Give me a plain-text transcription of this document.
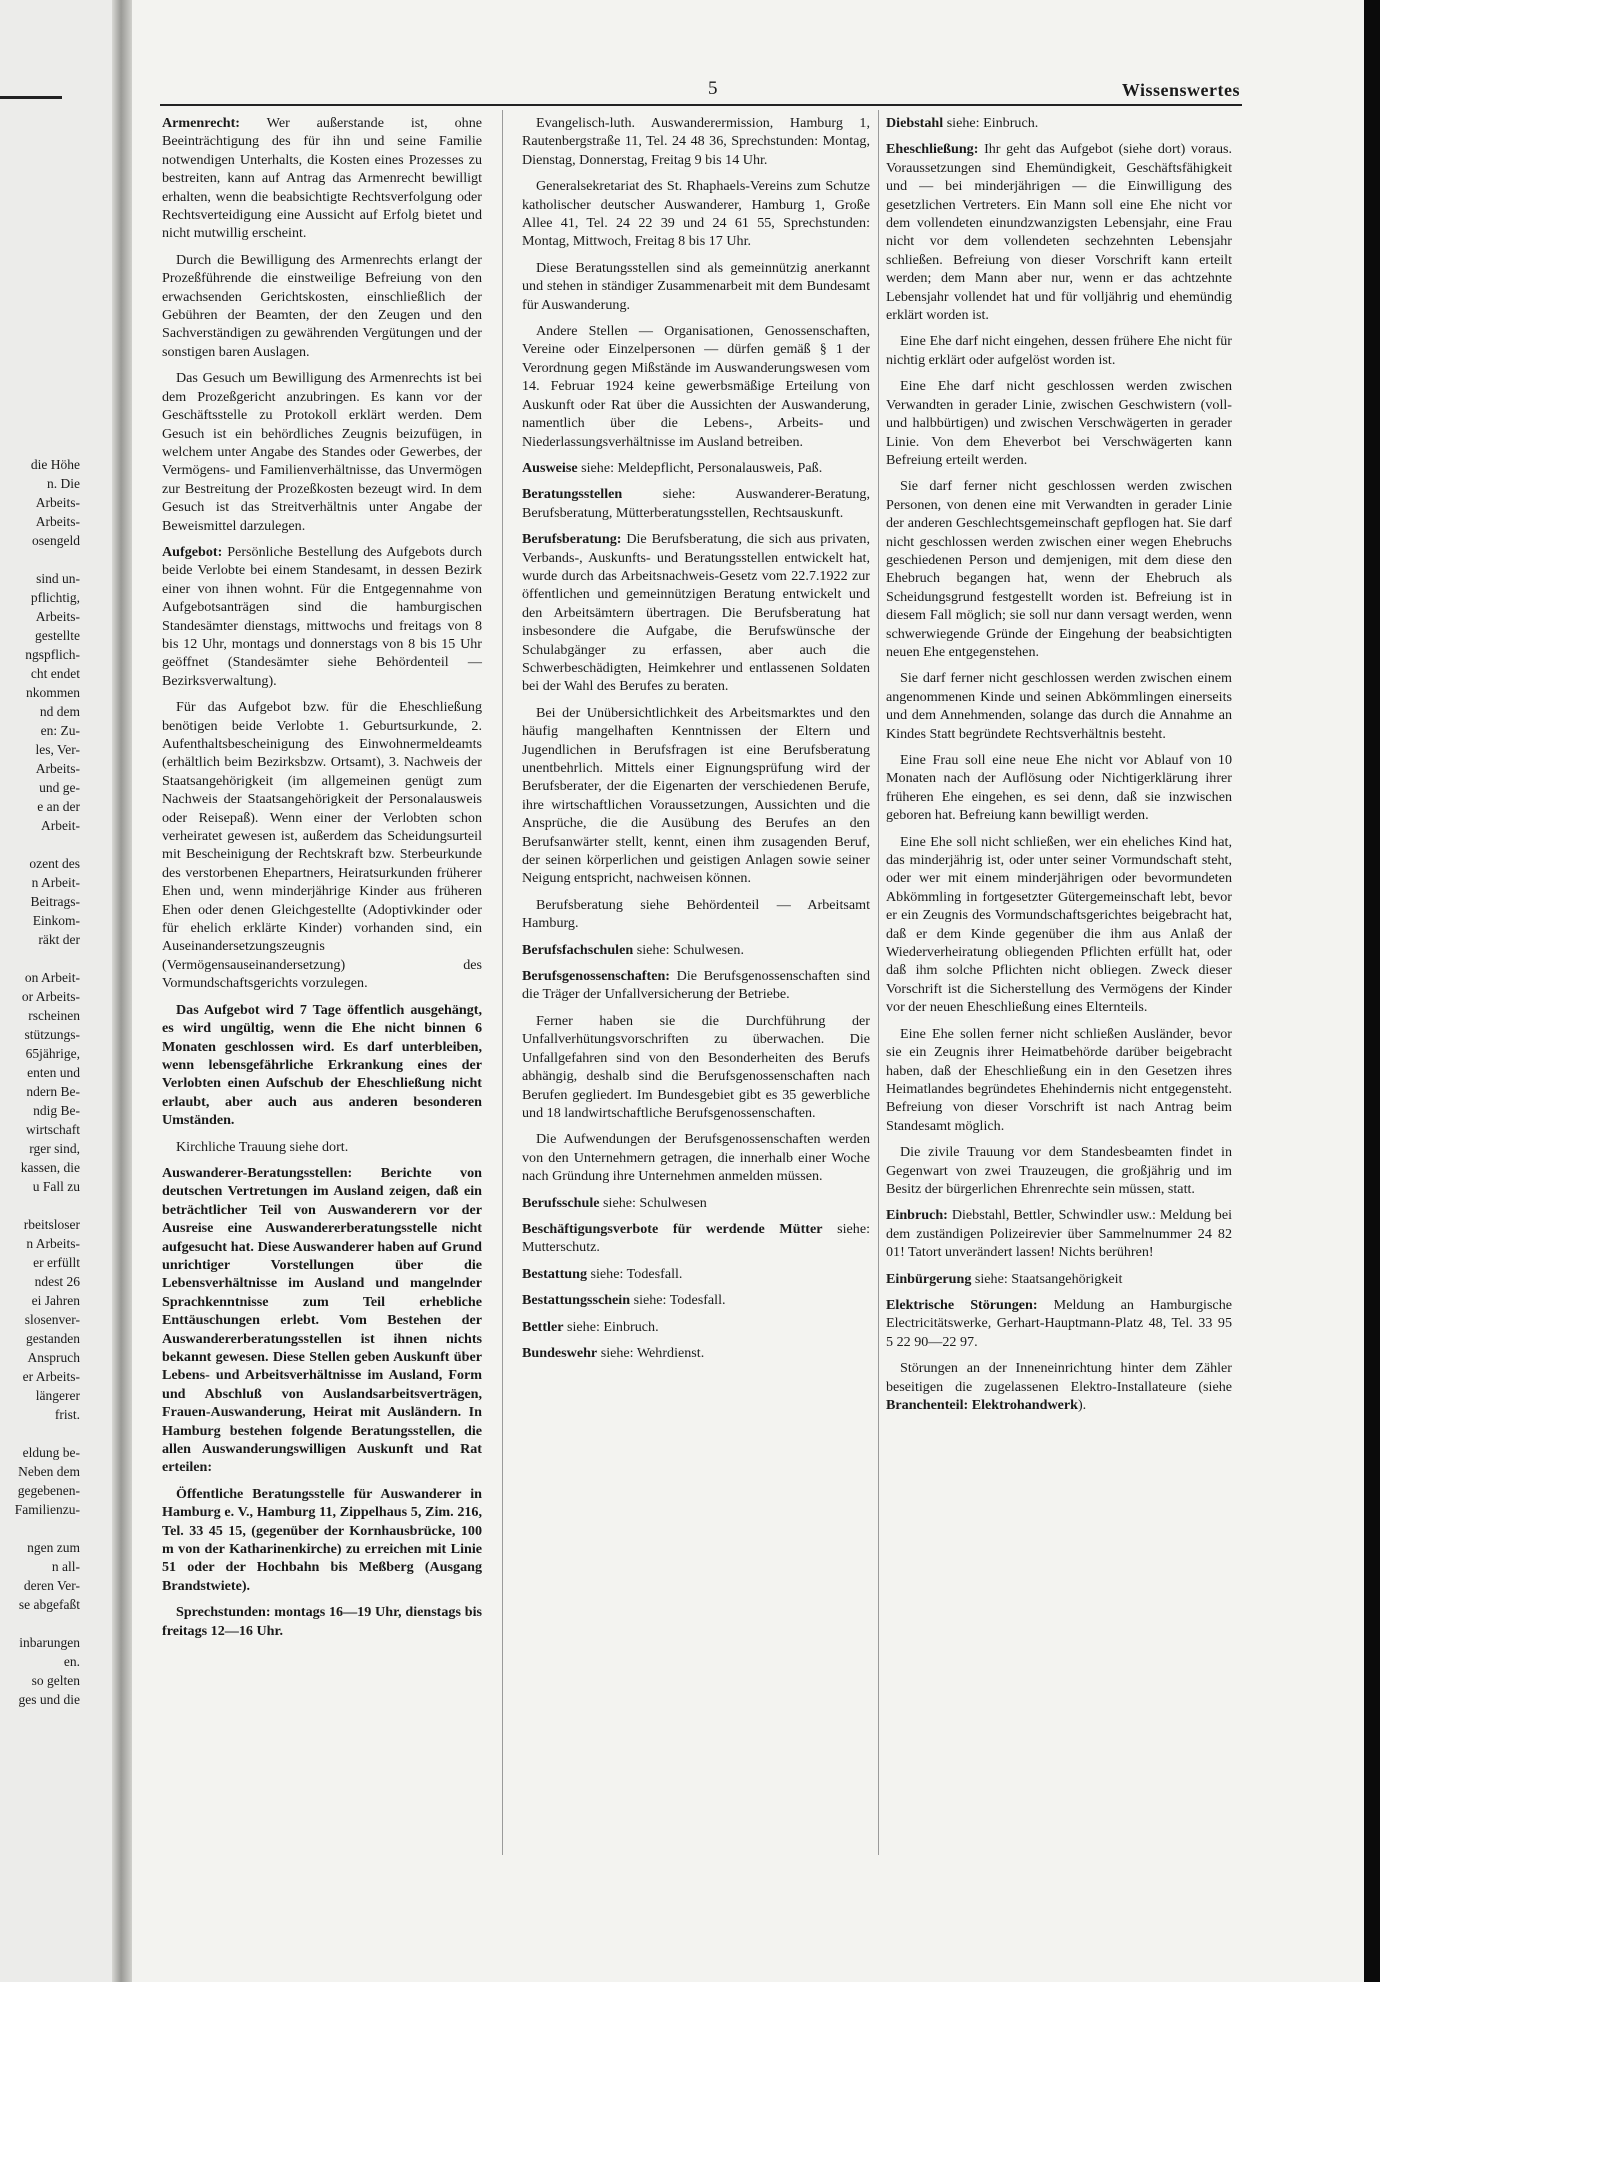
die Höhe
n. Die
Arbeits-
Arbeits-
osengeld
sind un-
pflichtig,
Arbeits-
gestellte
ngspflich-
cht endet
nkommen
nd dem
en: Zu-
les, Ver-
Arbeits-
und ge-
e an der
Arbeit-
ozent des
n Arbeit-
Beitrags-
Einkom-
räkt der
on Arbeit-
or Arbeits-
rscheinen
stützungs-
65jährige,
enten und
ndern Be-
ndig Be-
wirtschaft
rger sind,
kassen, die
u Fall zu
rbeitsloser
n Arbeits-
er erfüllt
ndest 26
ei Jahren
slosenver-
gestanden
Anspruch
er Arbeits-
längerer
frist.
eldung be-
Neben dem
gegebenen-
Familienzu-
ngen zum
n all-
deren Ver-
se abgefaßt
inbarungen
en.
so gelten
ges und die
5	Wissenswertes

Armenrecht: Wer außerstande ist, ohne Beeinträchtigung des für ihn und seine Familie notwendigen Unterhalts, die Kosten eines Prozesses zu bestreiten, kann auf Antrag das Armenrecht bewilligt erhalten, wenn die beabsichtigte Rechtsverfolgung oder Rechtsverteidigung eine Aussicht auf Erfolg bietet und nicht mutwillig erscheint.

Durch die Bewilligung des Armenrechts erlangt der Prozeßführende die einstweilige Befreiung von den erwachsenden Gerichtskosten, einschließlich der Gebühren der Beamten, der den Zeugen und den Sachverständigen zu gewährenden Vergütungen und der sonstigen baren Auslagen.

Das Gesuch um Bewilligung des Armenrechts ist bei dem Prozeßgericht anzubringen. Es kann vor der Geschäftsstelle zu Protokoll erklärt werden. Dem Gesuch ist ein behördliches Zeugnis beizufügen, in welchem unter Angabe des Standes oder Gewerbes, der Vermögens- und Familienverhältnisse, das Unvermögen zur Bestreitung der Prozeßkosten bezeugt wird. In dem Gesuch ist das Streitverhältnis unter Angabe der Beweismittel darzulegen.

Aufgebot: Persönliche Bestellung des Aufgebots durch beide Verlobte bei einem Standesamt, in dessen Bezirk einer von ihnen wohnt. Für die Entgegennahme von Aufgebotsanträgen sind die hamburgischen Standesämter dienstags, mittwochs und freitags von 8 bis 12 Uhr, montags und donnerstags von 8 bis 15 Uhr geöffnet (Standesämter siehe Behördenteil — Bezirksverwaltung).

Für das Aufgebot bzw. für die Eheschließung benötigen beide Verlobte 1. Geburtsurkunde, 2. Aufenthaltsbescheinigung des Einwohnermeldeamts (erhältlich beim Bezirksbzw. Ortsamt), 3. Nachweis der Staatsangehörigkeit (im allgemeinen genügt zum Nachweis der Staatsangehörigkeit der Personalausweis oder Reisepaß). Wenn einer der Verlobten schon verheiratet gewesen ist, außerdem das Scheidungsurteil mit Bescheinigung der Rechtskraft bzw. Sterbeurkunde des verstorbenen Ehepartners, Heiratsurkunden früherer Ehen und, wenn minderjährige Kinder aus früheren Ehen oder denen Gleichgestellte (Adoptivkinder oder für ehelich erklärte Kinder) vorhanden sind, ein Auseinandersetzungszeugnis (Vermögensauseinandersetzung) des Vormundschaftsgerichts vorzulegen.

Das Aufgebot wird 7 Tage öffentlich ausgehängt, es wird ungültig, wenn die Ehe nicht binnen 6 Monaten geschlossen wird. Es darf unterbleiben, wenn lebensgefährliche Erkrankung eines der Verlobten einen Aufschub der Eheschließung nicht erlaubt, aber auch aus anderen besonderen Umständen.

Kirchliche Trauung siehe dort.

Auswanderer-Beratungsstellen: Berichte von deutschen Vertretungen im Ausland zeigen, daß ein beträchtlicher Teil von Auswanderern vor der Ausreise eine Auswandererberatungsstelle nicht aufgesucht hat. Diese Auswanderer haben auf Grund unrichtiger Vorstellungen über die Lebensverhältnisse im Ausland und mangelnder Sprachkenntnisse zum Teil erhebliche Enttäuschungen erlebt. Vom Bestehen der Auswandererberatungsstellen ist ihnen nichts bekannt gewesen. Diese Stellen geben Auskunft über Lebens- und Arbeitsverhältnisse im Ausland, Form und Abschluß von Auslandsarbeitsverträgen, Frauen-Auswanderung, Heirat mit Ausländern. In Hamburg bestehen folgende Beratungsstellen, die allen Auswanderungswilligen Auskunft und Rat erteilen:

Öffentliche Beratungsstelle für Auswanderer in Hamburg e. V., Hamburg 11, Zippelhaus 5, Zim. 216, Tel. 33 45 15, (gegenüber der Kornhausbrücke, 100 m von der Katharinenkirche) zu erreichen mit Linie 51 oder der Hochbahn bis Meßberg (Ausgang Brandstwiete).

Sprechstunden: montags 16—19 Uhr, dienstags bis freitags 12—16 Uhr.

Evangelisch-luth. Auswanderermission, Hamburg 1, Rautenbergstraße 11, Tel. 24 48 36, Sprechstunden: Montag, Dienstag, Donnerstag, Freitag 9 bis 14 Uhr.

Generalsekretariat des St. Rhaphaels-Vereins zum Schutze katholischer deutscher Auswanderer, Hamburg 1, Große Allee 41, Tel. 24 22 39 und 24 61 55, Sprechstunden: Montag, Mittwoch, Freitag 8 bis 17 Uhr.

Diese Beratungsstellen sind als gemeinnützig anerkannt und stehen in ständiger Zusammenarbeit mit dem Bundesamt für Auswanderung.

Andere Stellen — Organisationen, Genossenschaften, Vereine oder Einzelpersonen — dürfen gemäß § 1 der Verordnung gegen Mißstände im Auswanderungswesen vom 14. Februar 1924 keine gewerbsmäßige Erteilung von Auskunft oder Rat über die Aussichten der Auswanderung, namentlich über die Lebens-, Arbeits- und Niederlassungsverhältnisse im Ausland betreiben.

Ausweise siehe: Meldepflicht, Personalausweis, Paß.

Beratungsstellen siehe: Auswanderer-Beratung, Berufsberatung, Mütterberatungsstellen, Rechtsauskunft.

Berufsberatung: Die Berufsberatung, die sich aus privaten, Verbands-, Auskunfts- und Beratungsstellen entwickelt hat, wurde durch das Arbeitsnachweis-Gesetz vom 22.7.1922 zur öffentlichen und gemeinnützigen Beratung entwickelt und den Arbeitsämtern übertragen. Die Berufsberatung hat insbesondere die Aufgabe, die Berufswünsche der Schulabgänger zu erfassen, aber auch die Schwerbeschädigten, Heimkehrer und entlassenen Soldaten bei der Wahl des Berufes zu beraten.

Bei der Unübersichtlichkeit des Arbeitsmarktes und den häufig mangelhaften Kenntnissen der Eltern und Jugendlichen in Berufsfragen ist eine Berufsberatung unentbehrlich. Mittels einer Eignungsprüfung wird der Berufsberater, der die Eigenarten der verschiedenen Berufe, ihre wirtschaftlichen Voraussetzungen, Aussichten und die Ansprüche, die die Ausübung des Berufes an den Berufsanwärter stellt, kennt, einen ihm zusagenden Beruf, der seinen körperlichen und geistigen Anlagen sowie seiner Neigung entspricht, nachweisen können.

Berufsberatung siehe Behördenteil — Arbeitsamt Hamburg.

Berufsfachschulen siehe: Schulwesen.

Berufsgenossenschaften: Die Berufsgenossenschaften sind die Träger der Unfallversicherung der Betriebe.

Ferner haben sie die Durchführung der Unfallverhütungsvorschriften zu überwachen. Die Unfallgefahren sind von den Besonderheiten des Berufs abhängig, deshalb sind die Berufsgenossenschaften nach Berufen gegliedert. Im Bundesgebiet gibt es 35 gewerbliche und 18 landwirtschaftliche Berufsgenossenschaften.

Die Aufwendungen der Berufsgenossenschaften werden von den Unternehmern getragen, die innerhalb einer Woche nach Gründung ihre Unternehmen anmelden müssen.

Berufsschule siehe: Schulwesen

Beschäftigungsverbote für werdende Mütter siehe: Mutterschutz.

Bestattung siehe: Todesfall.

Bestattungsschein siehe: Todesfall.

Bettler siehe: Einbruch.

Bundeswehr siehe: Wehrdienst.

Diebstahl siehe: Einbruch.

Eheschließung: Ihr geht das Aufgebot (siehe dort) voraus. Voraussetzungen sind Ehemündigkeit, Geschäftsfähigkeit und — bei minderjährigen — die Einwilligung des gesetzlichen Vertreters. Ein Mann soll eine Ehe nicht vor dem vollendeten einundzwanzigsten Lebensjahr, eine Frau nicht vor dem vollendeten sechzehnten Lebensjahr schließen. Befreiung von dieser Vorschrift kann erteilt werden; dem Mann aber nur, wenn er das achtzehnte Lebensjahr vollendet hat und für volljährig und ehemündig erklärt worden ist.

Eine Ehe darf nicht eingehen, dessen frühere Ehe nicht für nichtig erklärt oder aufgelöst worden ist.

Eine Ehe darf nicht geschlossen werden zwischen Verwandten in gerader Linie, zwischen Geschwistern (voll- und halbbürtigen) und zwischen Verschwägerten in gerader Linie. Von dem Eheverbot bei Verschwägerten kann Befreiung erteilt werden.

Sie darf ferner nicht geschlossen werden zwischen Personen, von denen eine mit Verwandten in gerader Linie der anderen Geschlechtsgemeinschaft gepflogen hat. Sie darf nicht geschlossen werden zwischen einer wegen Ehebruchs geschiedenen Person und demjenigen, mit dem diese den Ehebruch begangen hat, wenn der Ehebruch als Scheidungsgrund festgestellt worden ist. Befreiung ist in diesem Fall möglich; sie soll nur dann versagt werden, wenn schwerwiegende Gründe der Eingehung der beabsichtigten neuen Ehe entgegenstehen.

Sie darf ferner nicht geschlossen werden zwischen einem angenommenen Kinde und seinen Abkömmlingen einerseits und dem Annehmenden, solange das durch die Annahme an Kindes Statt begründete Rechtsverhältnis besteht.

Eine Frau soll eine neue Ehe nicht vor Ablauf von 10 Monaten nach der Auflösung oder Nichtigerklärung ihrer früheren Ehe eingehen, es sei denn, daß sie inzwischen geboren hat. Befreiung kann bewilligt werden.

Eine Ehe soll nicht schließen, wer ein eheliches Kind hat, das minderjährig ist, oder unter seiner Vormundschaft steht, oder wer mit einem minderjährigen oder bevormundeten Abkömmling in fortgesetzter Gütergemeinschaft lebt, bevor er ein Zeugnis des Vormundschaftsgerichtes beigebracht hat, daß er dem Kinde gegenüber die ihm aus Anlaß der Wiederverheiratung obliegenden Pflichten erfüllt hat, oder daß ihm solche Pflichten nicht obliegen. Zweck dieser Vorschrift ist die Sicherstellung des Vermögens der Kinder vor der neuen Eheschließung eines Elternteils.

Eine Ehe sollen ferner nicht schließen Ausländer, bevor sie ein Zeugnis ihrer Heimatbehörde darüber beigebracht haben, daß der Eheschließung ein in den Gesetzen ihres Heimatlandes begründetes Ehehindernis nicht entgegensteht. Befreiung von dieser Vorschrift ist nach Antrag beim Standesamt möglich.

Die zivile Trauung vor dem Standesbeamten findet in Gegenwart von zwei Trauzeugen, die großjährig und im Besitz der bürgerlichen Ehrenrechte sein müssen, statt.

Einbruch: Diebstahl, Bettler, Schwindler usw.: Meldung bei dem zuständigen Polizeirevier über Sammelnummer 24 82 01! Tatort unverändert lassen! Nichts berühren!

Einbürgerung siehe: Staatsangehörigkeit

Elektrische Störungen: Meldung an Hamburgische Electricitätswerke, Gerhart-Hauptmann-Platz 48, Tel. 33 95 5 22 90—22 97.

Störungen an der Inneneinrichtung hinter dem Zähler beseitigen die zugelassenen Elektro-Installateure (siehe Branchenteil: Elektrohandwerk).
